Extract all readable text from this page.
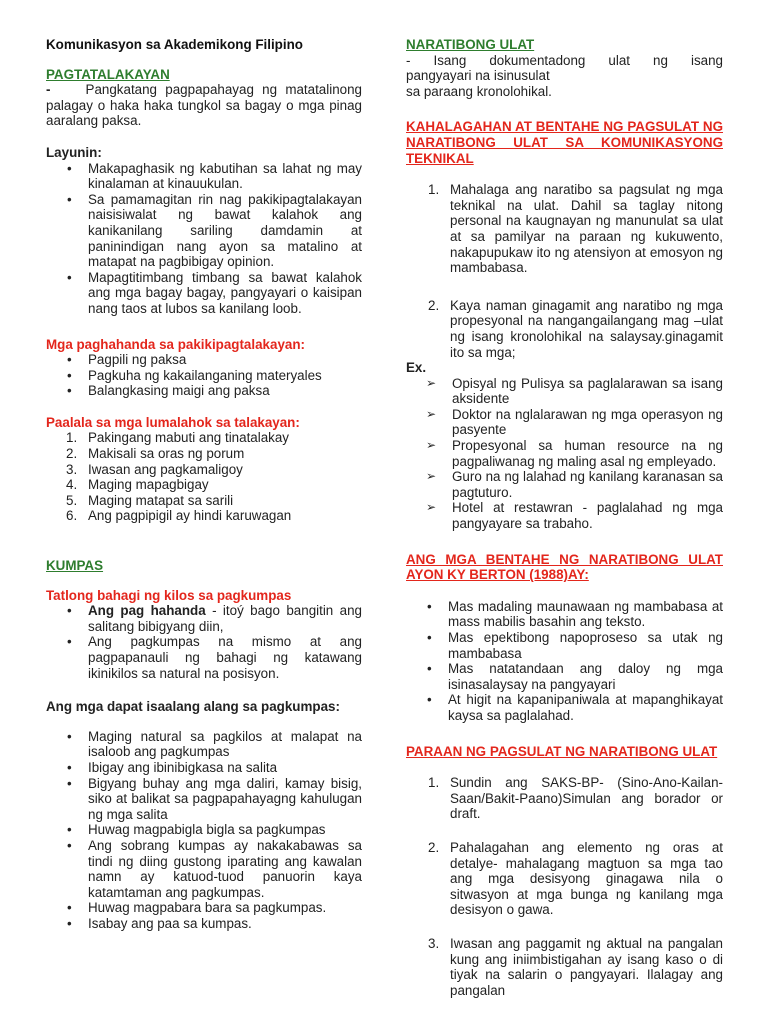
Komunikasyon sa Akademikong Filipino

PAGTATALAKAYAN

-  	Pangkatang pagpapahayag ng matatalinong palagay o haka haka tungkol sa bagay o mga pinag aaralang paksa.

Layunin:

• Makapaghasik ng kabutihan sa lahat ng may kinalaman at kinauukulan.
• Sa pamamagitan rin nag pakikipagtalakayan naisisiwalat ng bawat kalahok ang kanikanilang sariling damdamin at paninindigan nang ayon sa matalino at matapat na pagbibigay opinion.
• Mapagtitimbang timbang sa bawat kalahok ang mga bagay bagay, pangyayari o kaisipan nang taos at lubos sa kanilang loob.

Mga paghahanda sa pakikipagtalakayan:

• Pagpili ng paksa
• Pagkuha ng kakailanganing materyales
• Balangkasing maigi ang paksa

Paalala sa mga lumalahok sa talakayan:

1. Pakingang mabuti ang tinatalakay
2. Makisali sa oras ng porum
3. Iwasan ang pagkamaligoy
4. Maging mapagbigay
5. Maging matapat sa sarili
6. Ang pagpipigil ay hindi karuwagan

KUMPAS

Tatlong bahagi ng kilos sa pagkumpas

• Ang pag hahanda - itoý bago bangitin ang salitang bibigyang diin,
• Ang pagkumpas na mismo at ang pagpapanauli ng bahagi ng katawang ikinikilos sa natural na posisyon.

Ang mga dapat isaalang alang sa pagkumpas:

• Maging natural sa pagkilos at malapat na isaloob ang pagkumpas
• Ibigay ang ibinibigkasa na salita
• Bigyang buhay ang mga daliri, kamay bisig, siko at balikat sa pagpapahayagng kahulugan ng mga salita
• Huwag magpabigla bigla sa pagkumpas
• Ang sobrang kumpas ay nakakabawas sa tindi ng diing gustong iparating ang kawalan namn ay katuod-tuod panuorin kaya katamtaman ang pagkumpas.
• Huwag magpabara bara sa pagkumpas.
• Isabay ang paa sa kumpas.

NARATIBONG ULAT

- Isang dokumentadong ulat ng isang

pangyayari na isinusulat

sa paraang kronolohikal.

KAHALAGAHAN AT BENTAHE NG PAGSULAT NG NARATIBONG ULAT SA KOMUNIKASYONG TEKNIKAL

1. Mahalaga ang naratibo sa pagsulat ng mga teknikal na ulat. Dahil sa taglay nitong personal na kaugnayan ng manunulat sa ulat at sa pamilyar na paraan ng kukuwento, nakapupukaw ito ng atensiyon at emosyon ng mambabasa.
2. Kaya naman ginagamit ang naratibo ng mga propesyonal na nangangailangang mag –ulat ng isang kronolohikal na salaysay.ginagamit ito sa mga;

Ex.

➢ Opisyal ng Pulisya sa paglalarawan sa isang aksidente
➢ Doktor na nglalarawan ng mga operasyon ng pasyente
➢ Propesyonal sa human resource na ng pagpaliwanag ng maling asal ng empleyado.
➢ Guro na ng lalahad ng kanilang karanasan sa pagtuturo.
➢ Hotel at restawran - paglalahad ng mga pangyayare sa trabaho.

ANG MGA BENTAHE NG NARATIBONG ULAT AYON KY BERTON (1988)AY:

• Mas madaling maunawaan ng mambabasa at mass mabilis basahin ang teksto.
• Mas epektibong napoproseso sa utak ng mambabasa
• Mas natatandaan ang daloy ng mga isinasalaysay na pangyayari
• At higit na kapanipaniwala at mapanghikayat kaysa sa paglalahad.

PARAAN NG PAGSULAT NG NARATIBONG ULAT

1. Sundin ang SAKS-BP- (Sino-Ano-Kailan-Saan/Bakit-Paano)Simulan ang borador or draft.
2. Pahalagahan ang elemento ng oras at detalye- mahalagang magtuon sa mga tao ang mga desisyong ginagawa nila o sitwasyon at mga bunga ng kanilang mga desisyon o gawa.
3. Iwasan ang paggamit ng aktual na pangalan kung ang iniimbistigahan ay isang kaso o di tiyak na salarin o pangyayari. Ilalagay ang pangalan
